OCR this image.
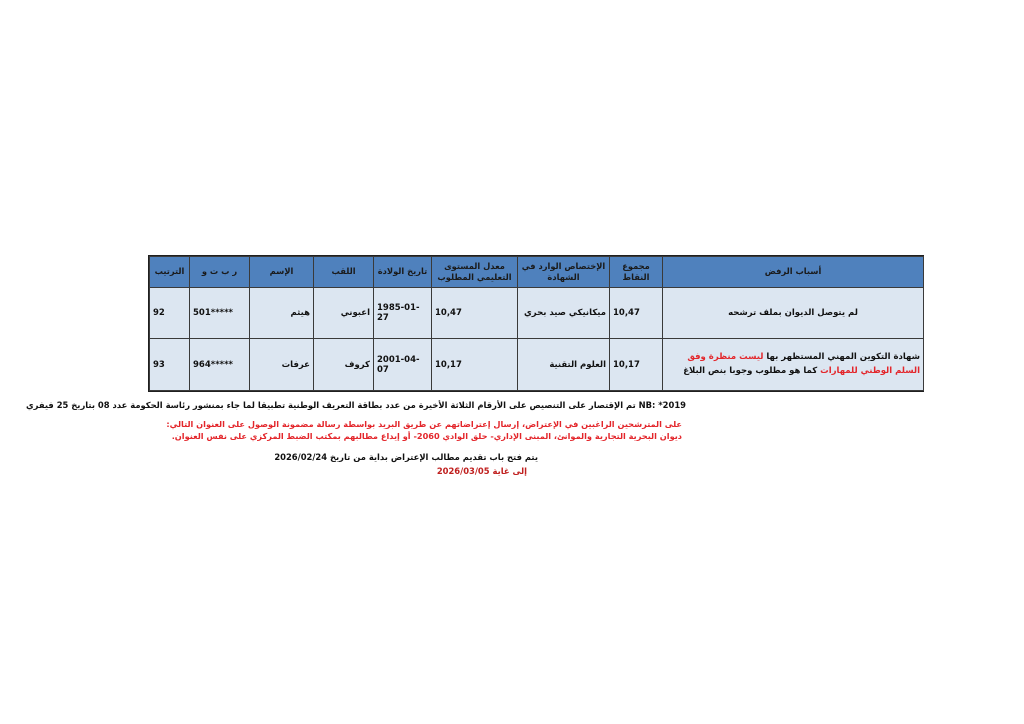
أسباب الرفض	مجموع النقاط	الإختصاص الوارد في الشهادة	معدل المستوى التعليمي المطلوب	تاريخ الولادة	اللقب	الإسم	ر ب ت و	الترتيب
لم يتوصل الديوان بملف ترشحه	10,47	ميكانيكي صيد بحري	10,47	1985-01-27	اعبوني	هيثم	501*****	92
شهادة التكوين المهني المستظهر بها ليست منظرة وفق السلم الوطني للمهارات كما هو مطلوب وجوبا بنص البلاغ	10,17	العلوم التقنية	10,17	2001-04-07	كروف	عرفات	964*****	93
NB: *2019 تم الإقتصار على التنصيص على الأرقام الثلاثة الأخيرة من عدد بطاقة التعريف الوطنية تطبيقا لما جاء بمنشور رئاسة الحكومة عدد 08 بتاريخ 25 فيفري
على المترشحين الراغبين في الإعتراض، إرسال إعتراضاتهم عن طريق البريد بواسطة رسالة مضمونة الوصول على العنوان التالي: ديوان البحرية التجارية والموانئ، المبنى الإداري- حلق الوادي 2060- أو إيداع مطالبهم بمكتب الضبط المركزي على نفس العنوان.
يتم فتح باب تقديم مطالب الإعتراض بداية من تاريخ 2026/02/24
إلى غاية 2026/03/05
